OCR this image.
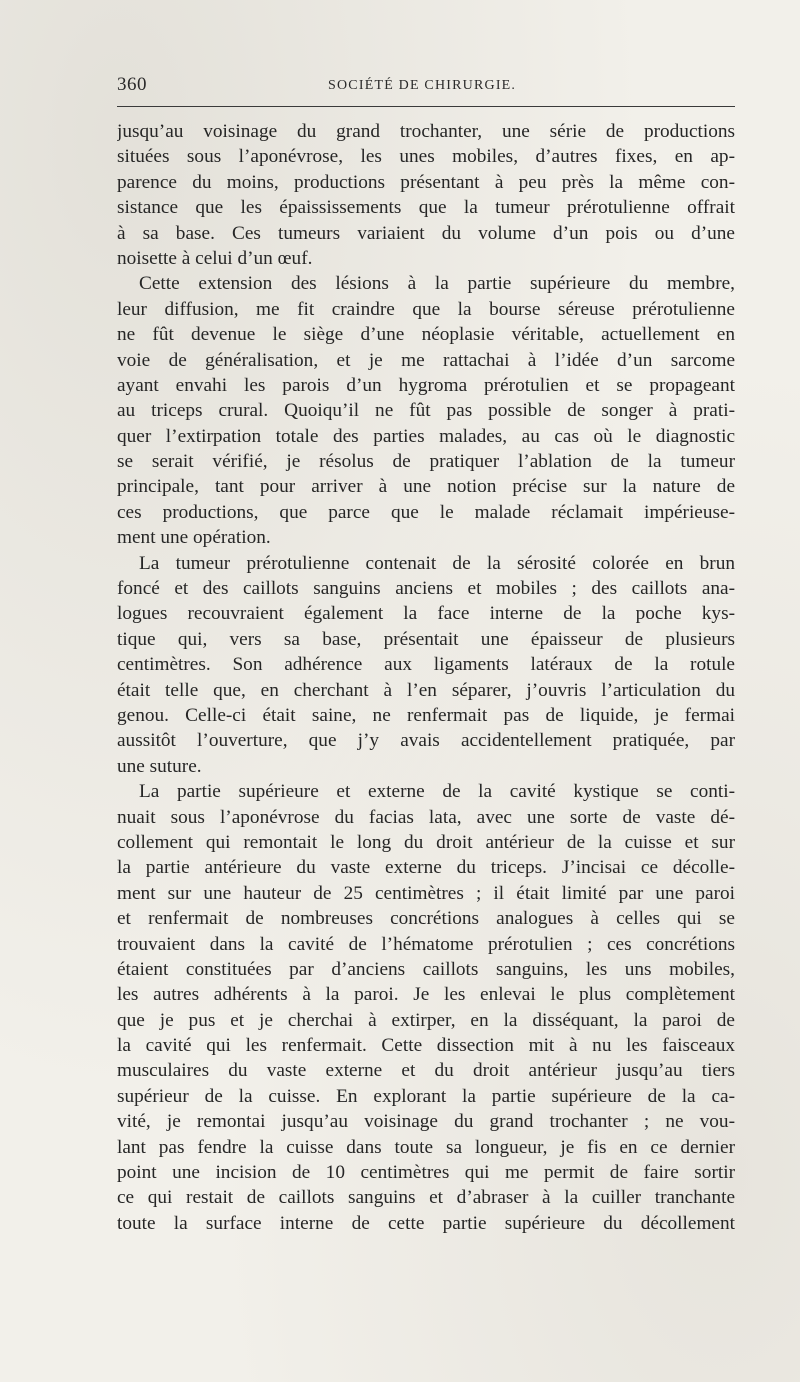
360	SOCIÉTÉ DE CHIRURGIE.
jusqu’au voisinage du grand trochanter, une série de productions
situées sous l’aponévrose, les unes mobiles, d’autres fixes, en ap-
parence du moins, productions présentant à peu près la même con-
sistance que les épaississements que la tumeur prérotulienne offrait
à sa base. Ces tumeurs variaient du volume d’un pois ou d’une
noisette à celui d’un œuf.
Cette extension des lésions à la partie supérieure du membre,
leur diffusion, me fit craindre que la bourse séreuse prérotulienne
ne fût devenue le siège d’une néoplasie véritable, actuellement en
voie de généralisation, et je me rattachai à l’idée d’un sarcome
ayant envahi les parois d’un hygroma prérotulien et se propageant
au triceps crural. Quoiqu’il ne fût pas possible de songer à prati-
quer l’extirpation totale des parties malades, au cas où le diagnostic
se serait vérifié, je résolus de pratiquer l’ablation de la tumeur
principale, tant pour arriver à une notion précise sur la nature de
ces productions, que parce que le malade réclamait impérieuse-
ment une opération.
La tumeur prérotulienne contenait de la sérosité colorée en brun
foncé et des caillots sanguins anciens et mobiles ; des caillots ana-
logues recouvraient également la face interne de la poche kys-
tique qui, vers sa base, présentait une épaisseur de plusieurs
centimètres. Son adhérence aux ligaments latéraux de la rotule
était telle que, en cherchant à l’en séparer, j’ouvris l’articulation du
genou. Celle-ci était saine, ne renfermait pas de liquide, je fermai
aussitôt l’ouverture, que j’y avais accidentellement pratiquée, par
une suture.
La partie supérieure et externe de la cavité kystique se conti-
nuait sous l’aponévrose du facias lata, avec une sorte de vaste dé-
collement qui remontait le long du droit antérieur de la cuisse et sur
la partie antérieure du vaste externe du triceps. J’incisai ce décolle-
ment sur une hauteur de 25 centimètres ; il était limité par une paroi
et renfermait de nombreuses concrétions analogues à celles qui se
trouvaient dans la cavité de l’hématome prérotulien ; ces concrétions
étaient constituées par d’anciens caillots sanguins, les uns mobiles,
les autres adhérents à la paroi. Je les enlevai le plus complètement
que je pus et je cherchai à extirper, en la disséquant, la paroi de
la cavité qui les renfermait. Cette dissection mit à nu les faisceaux
musculaires du vaste externe et du droit antérieur jusqu’au tiers
supérieur de la cuisse. En explorant la partie supérieure de la ca-
vité, je remontai jusqu’au voisinage du grand trochanter ; ne vou-
lant pas fendre la cuisse dans toute sa longueur, je fis en ce dernier
point une incision de 10 centimètres qui me permit de faire sortir
ce qui restait de caillots sanguins et d’abraser à la cuiller tranchante
toute la surface interne de cette partie supérieure du décollement
